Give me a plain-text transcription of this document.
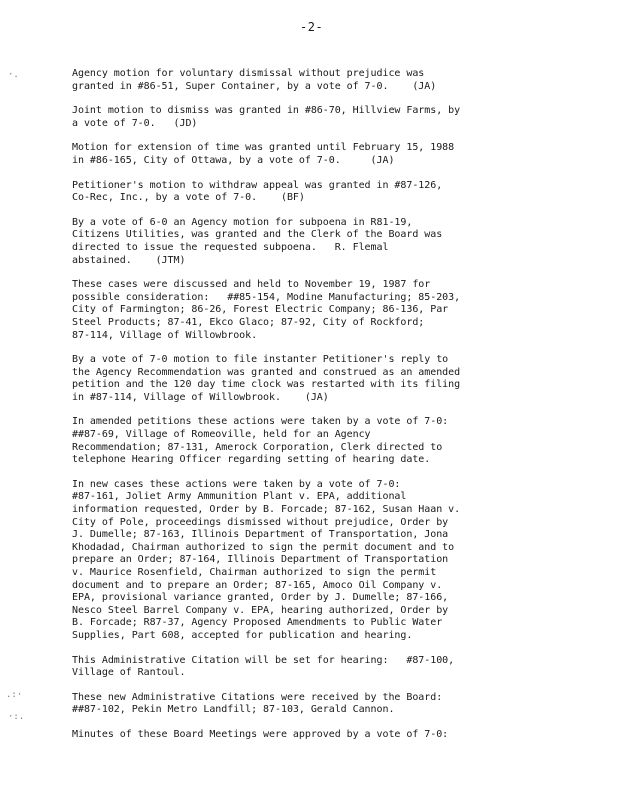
-2-
·.
.:·
·:.

Agency motion for voluntary dismissal without prejudice was
granted in #86-51, Super Container, by a vote of 7-0.    (JA)

Joint motion to dismiss was granted in #86-70, Hillview Farms, by
a vote of 7-0.   (JD)

Motion for extension of time was granted until February 15, 1988
in #86-165, City of Ottawa, by a vote of 7-0.     (JA)

Petitioner's motion to withdraw appeal was granted in #87-126,
Co-Rec, Inc., by a vote of 7-0.    (BF)

By a vote of 6-0 an Agency motion for subpoena in R81-19,
Citizens Utilities, was granted and the Clerk of the Board was
directed to issue the requested subpoena.   R. Flemal
abstained.    (JTM)

These cases were discussed and held to November 19, 1987 for
possible consideration:   ##85-154, Modine Manufacturing; 85-203,
City of Farmington; 86-26, Forest Electric Company; 86-136, Par
Steel Products; 87-41, Ekco Glaco; 87-92, City of Rockford;
87-114, Village of Willowbrook.

By a vote of 7-0 motion to file instanter Petitioner's reply to
the Agency Recommendation was granted and construed as an amended
petition and the 120 day time clock was restarted with its filing
in #87-114, Village of Willowbrook.    (JA)

In amended petitions these actions were taken by a vote of 7-0:
##87-69, Village of Romeoville, held for an Agency
Recommendation; 87-131, Amerock Corporation, Clerk directed to
telephone Hearing Officer regarding setting of hearing date.

In new cases these actions were taken by a vote of 7-0:
#87-161, Joliet Army Ammunition Plant v. EPA, additional
information requested, Order by B. Forcade; 87-162, Susan Haan v.
City of Pole, proceedings dismissed without prejudice, Order by
J. Dumelle; 87-163, Illinois Department of Transportation, Jona
Khodadad, Chairman authorized to sign the permit document and to
prepare an Order; 87-164, Illinois Department of Transportation
v. Maurice Rosenfield, Chairman authorized to sign the permit
document and to prepare an Order; 87-165, Amoco Oil Company v.
EPA, provisional variance granted, Order by J. Dumelle; 87-166,
Nesco Steel Barrel Company v. EPA, hearing authorized, Order by
B. Forcade; R87-37, Agency Proposed Amendments to Public Water
Supplies, Part 608, accepted for publication and hearing.

This Administrative Citation will be set for hearing:   #87-100,
Village of Rantoul.

These new Administrative Citations were received by the Board:
##87-102, Pekin Metro Landfill; 87-103, Gerald Cannon.

Minutes of these Board Meetings were approved by a vote of 7-0:
